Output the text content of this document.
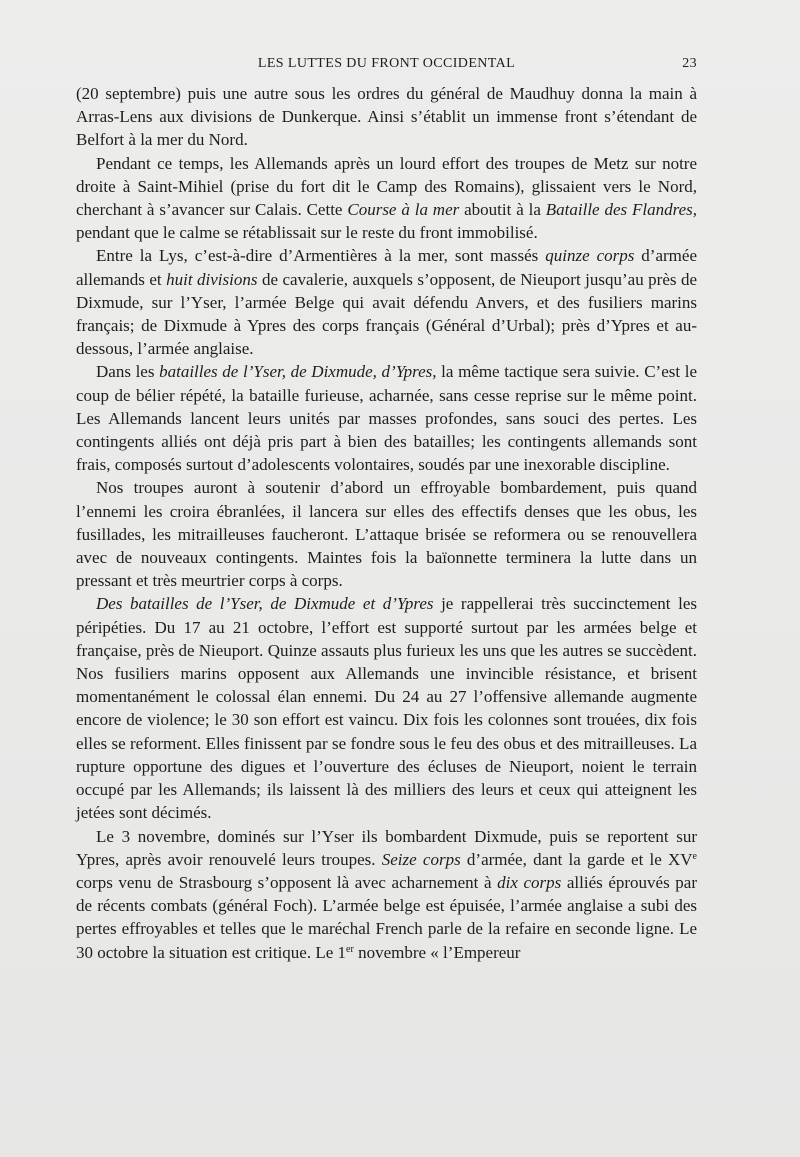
LES LUTTES DU FRONT OCCIDENTAL	23

(20 septembre) puis une autre sous les ordres du général de Maudhuy donna la main à Arras-Lens aux divisions de Dunkerque. Ainsi s’établit un immense front s’étendant de Belfort à la mer du Nord.

Pendant ce temps, les Allemands après un lourd effort des troupes de Metz sur notre droite à Saint-Mihiel (prise du fort dit le Camp des Romains), glissaient vers le Nord, cherchant à s’avancer sur Calais. Cette Course à la mer aboutit à la Bataille des Flandres, pendant que le calme se rétablissait sur le reste du front immobilisé.

Entre la Lys, c’est-à-dire d’Armentières à la mer, sont massés quinze corps d’armée allemands et huit divisions de cavalerie, auxquels s’opposent, de Nieuport jusqu’au près de Dixmude, sur l’Yser, l’armée Belge qui avait défendu Anvers, et des fusiliers marins français; de Dixmude à Ypres des corps français (Général d’Urbal); près d’Ypres et au-dessous, l’armée anglaise.

Dans les batailles de l’Yser, de Dixmude, d’Ypres, la même tactique sera suivie. C’est le coup de bélier répété, la bataille furieuse, acharnée, sans cesse reprise sur le même point. Les Allemands lancent leurs unités par masses profondes, sans souci des pertes. Les contingents alliés ont déjà pris part à bien des batailles; les contingents allemands sont frais, composés surtout d’adolescents volontaires, soudés par une inexorable discipline.

Nos troupes auront à soutenir d’abord un effroyable bombardement, puis quand l’ennemi les croira ébranlées, il lancera sur elles des effectifs denses que les obus, les fusillades, les mitrailleuses faucheront. L’attaque brisée se reformera ou se renouvellera avec de nouveaux contingents. Maintes fois la baïonnette terminera la lutte dans un pressant et très meurtrier corps à corps.

Des batailles de l’Yser, de Dixmude et d’Ypres je rappellerai très succinctement les péripéties. Du 17 au 21 octobre, l’effort est supporté surtout par les armées belge et française, près de Nieuport. Quinze assauts plus furieux les uns que les autres se succèdent. Nos fusiliers marins opposent aux Allemands une invincible résistance, et brisent momentanément le colossal élan ennemi. Du 24 au 27 l’offensive allemande augmente encore de violence; le 30 son effort est vaincu. Dix fois les colonnes sont trouées, dix fois elles se reforment. Elles finissent par se fondre sous le feu des obus et des mitrailleuses. La rupture opportune des digues et l’ouverture des écluses de Nieuport, noient le terrain occupé par les Allemands; ils laissent là des milliers des leurs et ceux qui atteignent les jetées sont décimés.

Le 3 novembre, dominés sur l’Yser ils bombardent Dixmude, puis se reportent sur Ypres, après avoir renouvelé leurs troupes. Seize corps d’armée, dant la garde et le XVe corps venu de Strasbourg s’opposent là avec acharnement à dix corps alliés éprouvés par de récents combats (général Foch). L’armée belge est épuisée, l’armée anglaise a subi des pertes effroyables et telles que le maréchal French parle de la refaire en seconde ligne. Le 30 octobre la situation est critique. Le 1er novembre « l’Empereur
